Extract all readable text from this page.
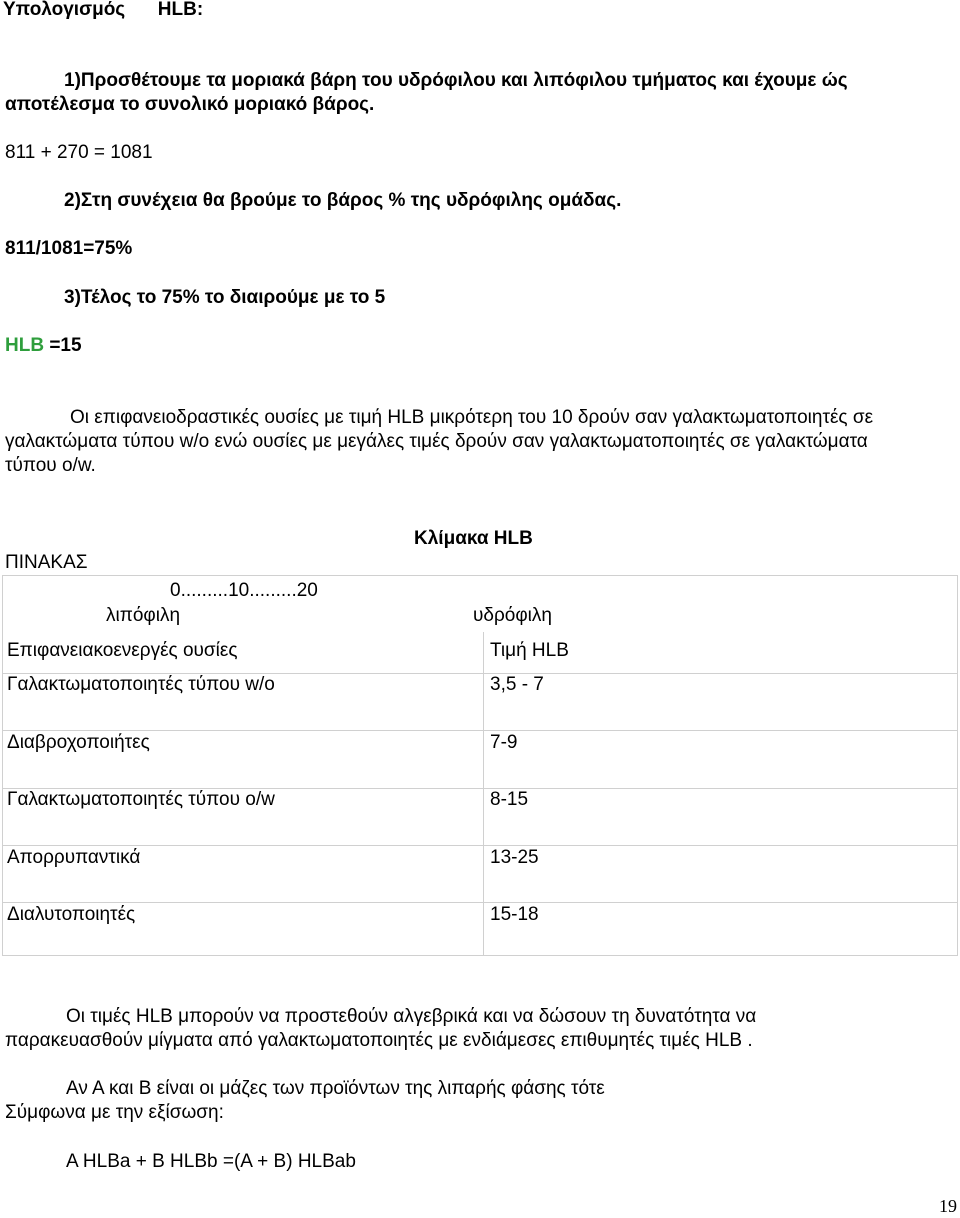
Υπολογισμός HLB:
1)Προσθέτουμε τα μοριακά βάρη του υδρόφιλου και λιπόφιλου τμήματος και έχουμε ώς
αποτέλεσμα το συνολικό μοριακό βάρος.
811 + 270 = 1081
2)Στη συνέχεια θα βρούμε το βάρος % της υδρόφιλης ομάδας.
811/1081=75%
3)Τέλος το 75% το διαιρούμε με το 5
HLB =15
Οι επιφανειοδραστικές ουσίες με τιμή HLB μικρότερη του 10 δρούν σαν γαλακτωματοποιητές σε
γαλακτώματα τύπου w/o ενώ ουσίες με μεγάλες τιμές δρούν σαν γαλακτωματοποιητές σε γαλακτώματα
τύπου o/w.
Κλίμακα HLB
ΠΙΝΑΚΑΣ
0.........10.........20
λιπόφιλη	υδρόφιλη
Επιφανειακοενεργές ουσίες	Τιμή HLB
Γαλακτωματοποιητές τύπου w/o	3,5 - 7
Διαβροχοποιήτες	7-9
Γαλακτωματοποιητές τύπου o/w	8-15
Απορρυπαντικά	13-25
Διαλυτοποιητές	15-18
Οι τιμές HLB μπορούν να προστεθούν αλγεβρικά και να δώσουν τη δυνατότητα να
παρακευασθούν μίγματα από γαλακτωματοποιητές με ενδιάμεσες επιθυμητές τιμές HLB .
Αν Α και Β είναι οι μάζες των προϊόντων της λιπαρής φάσης τότε
Σύμφωνα με την εξίσωση:
A HLBa + B HLBb =(A + B) HLBab
19
